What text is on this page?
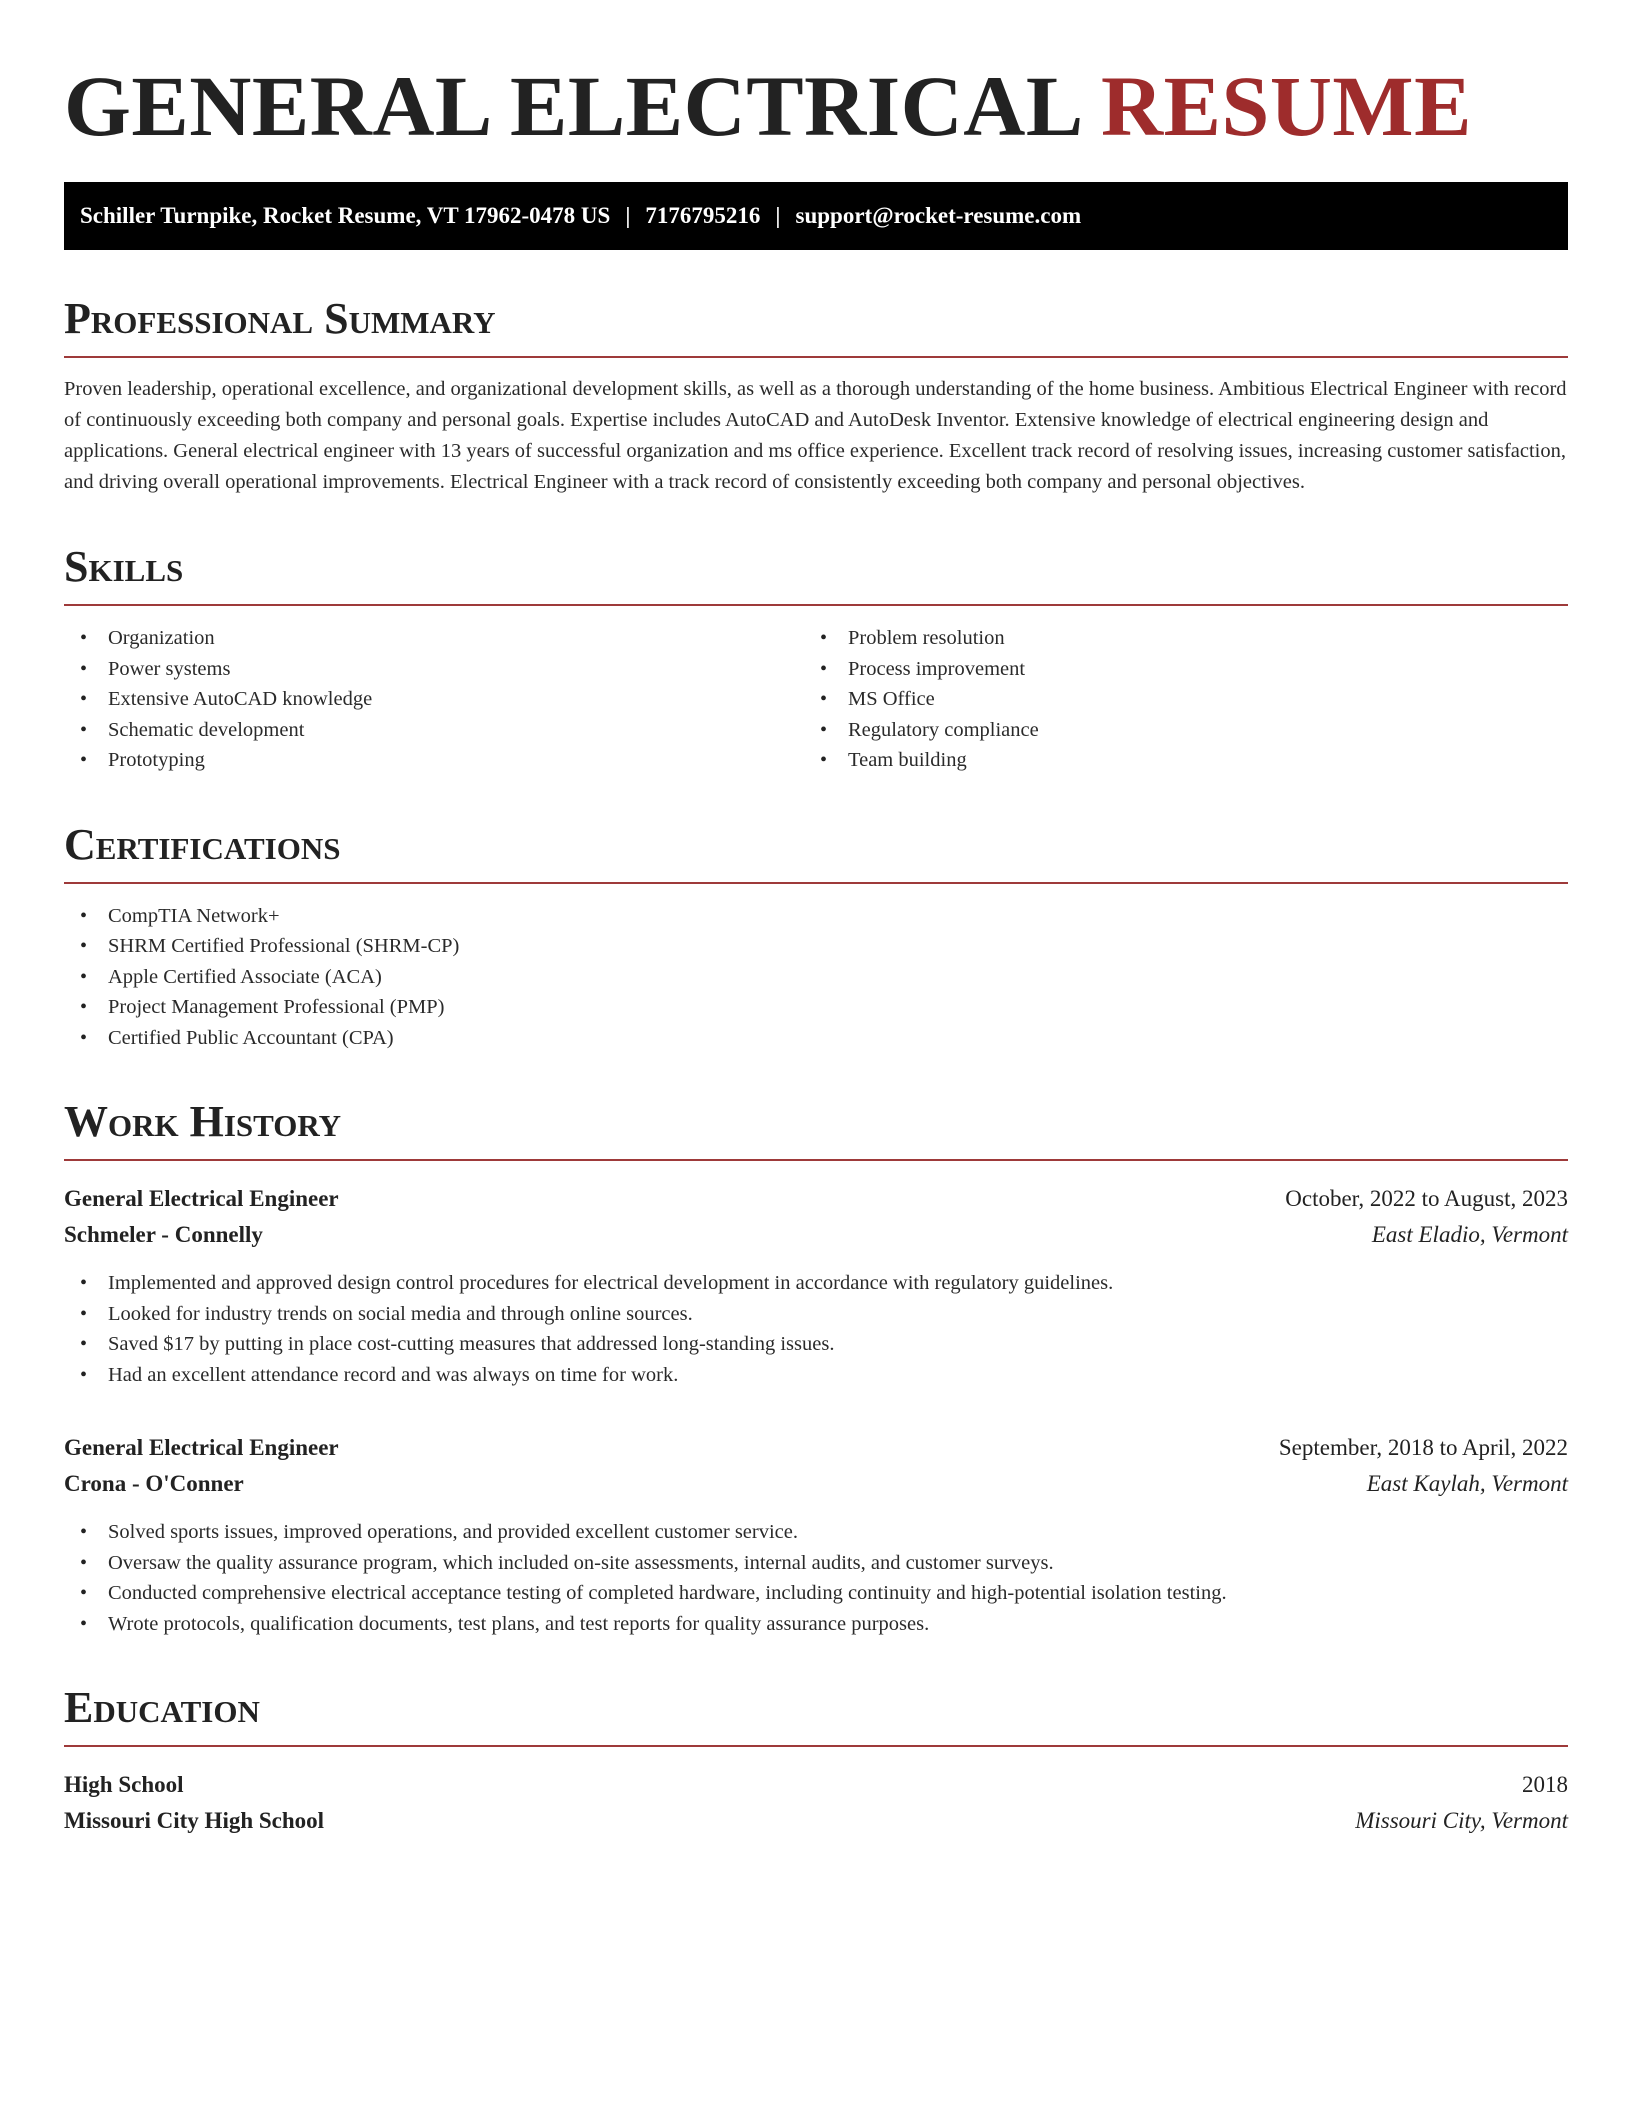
GENERAL ELECTRICAL RESUME
Schiller Turnpike, Rocket Resume, VT 17962-0478 US | 7176795216 | support@rocket-resume.com
Professional Summary

Proven leadership, operational excellence, and organizational development skills, as well as a thorough understanding of the home business. Ambitious Electrical Engineer with record of continuously exceeding both company and personal goals. Expertise includes AutoCAD and AutoDesk Inventor. Extensive knowledge of electrical engineering design and applications. General electrical engineer with 13 years of successful organization and ms office experience. Excellent track record of resolving issues, increasing customer satisfaction, and driving overall operational improvements. Electrical Engineer with a track record of consistently exceeding both company and personal objectives.

Skills
• Organization
• Power systems
• Extensive AutoCAD knowledge
• Schematic development
• Prototyping
• Problem resolution
• Process improvement
• MS Office
• Regulatory compliance
• Team building
Certifications
• CompTIA Network+
• SHRM Certified Professional (SHRM-CP)
• Apple Certified Associate (ACA)
• Project Management Professional (PMP)
• Certified Public Accountant (CPA)
Work History
General Electrical Engineer	October, 2022 to August, 2023
Schmeler - Connelly	East Eladio, Vermont
• Implemented and approved design control procedures for electrical development in accordance with regulatory guidelines.
• Looked for industry trends on social media and through online sources.
• Saved $17 by putting in place cost-cutting measures that addressed long-standing issues.
• Had an excellent attendance record and was always on time for work.
General Electrical Engineer	September, 2018 to April, 2022
Crona - O'Conner	East Kaylah, Vermont
• Solved sports issues, improved operations, and provided excellent customer service.
• Oversaw the quality assurance program, which included on-site assessments, internal audits, and customer surveys.
• Conducted comprehensive electrical acceptance testing of completed hardware, including continuity and high-potential isolation testing.
• Wrote protocols, qualification documents, test plans, and test reports for quality assurance purposes.
Education
High School	2018
Missouri City High School	Missouri City, Vermont
